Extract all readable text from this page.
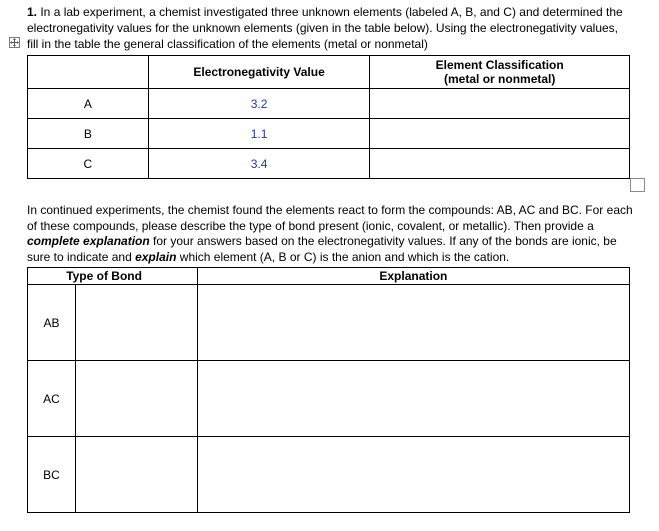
1. In a lab experiment, a chemist investigated three unknown elements (labeled A, B, and C) and determined the electronegativity values for the unknown elements (given in the table below). Using the electronegativity values, fill in the table the general classification of the elements (metal or nonmetal)
	Electronegativity Value	Element Classification
(metal or nonmetal)
A	3.2	
B	1.1	
C	3.4	
In continued experiments, the chemist found the elements react to form the compounds: AB, AC and BC. For each of these compounds, please describe the type of bond present (ionic, covalent, or metallic). Then provide a complete explanation for your answers based on the electronegativity values. If any of the bonds are ionic, be sure to indicate and explain which element (A, B or C) is the anion and which is the cation.
	Type of Bond	Explanation
AB		
AC		
BC		
